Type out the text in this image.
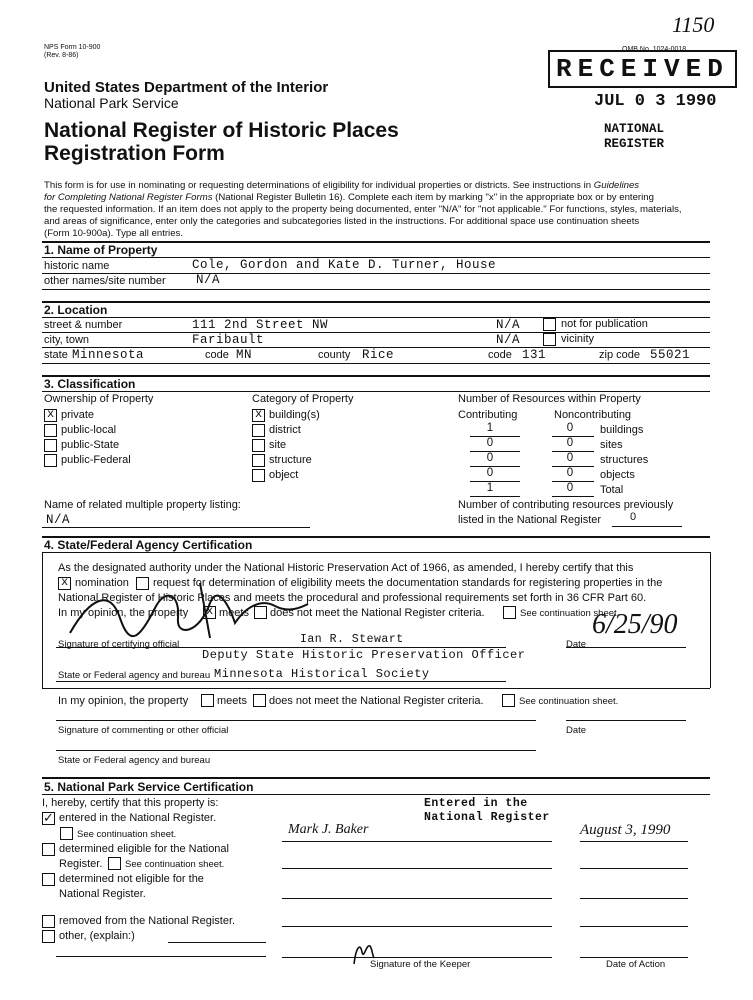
NPS Form 10-900
(Rev. 8-86)
OMB No. 1024-0018
1150
RECEIVED
JUL 0 3 1990
NATIONAL
REGISTER
United States Department of the Interior
National Park Service
National Register of Historic Places
Registration Form
This form is for use in nominating or requesting determinations of eligibility for individual properties or districts. See instructions in Guidelines
for Completing National Register Forms (National Register Bulletin 16). Complete each item by marking "x" in the appropriate box or by entering
the requested information. If an item does not apply to the property being documented, enter "N/A" for "not applicable." For functions, styles, materials,
and areas of significance, enter only the categories and subcategories listed in the instructions. For additional space use continuation sheets
(Form 10-900a). Type all entries.
1. Name of Property
historic name	Cole, Gordon and Kate D. Turner, House
other names/site number N/A
2. Location
street & number	111 2nd Street NW	N/A	not for publication
city, town	Faribault	N/A	vicinity
state Minnesota	code MN	county Rice	code 131	zip code 55021
3. Classification
Ownership of Property	Category of Property	Number of Resources within Property
x
private
public-local
public-State
public-Federal
x
building(s)
district
site
structure
object
Contributing	Noncontributing
1	0	buildings
0	0	sites
0	0	structures
0	0	objects
1	0	Total
Name of related multiple property listing:
N/A
Number of contributing resources previously
listed in the National Register	0
4. State/Federal Agency Certification
As the designated authority under the National Historic Preservation Act of 1966, as amended, I hereby certify that this
x
nomination request for determination of eligibility meets the documentation standards for registering properties in the
National Register of Historic Places and meets the procedural and professional requirements set forth in 36 CFR Part 60.
In my opinion, the property
x	meets does not meet the National Register criteria.	See continuation sheet.
Ian R. Stewart
Signature of certifying official
6/25/90
Date
Deputy State Historic Preservation Officer
Minnesota Historical Society
State or Federal agency and bureau
In my opinion, the property	meets does not meet the National Register criteria.	See continuation sheet.
Signature of commenting or other official	Date
State or Federal agency and bureau
5. National Park Service Certification
I, hereby, certify that this property is:	Entered in the
National Register
✓
entered in the National Register.
See continuation sheet.	Mark J. Baker	August 3, 1990
determined eligible for the National
Register. See continuation sheet.
determined not eligible for the
National Register.
removed from the National Register.
other, (explain:)
Signature of the Keeper	Date of Action
